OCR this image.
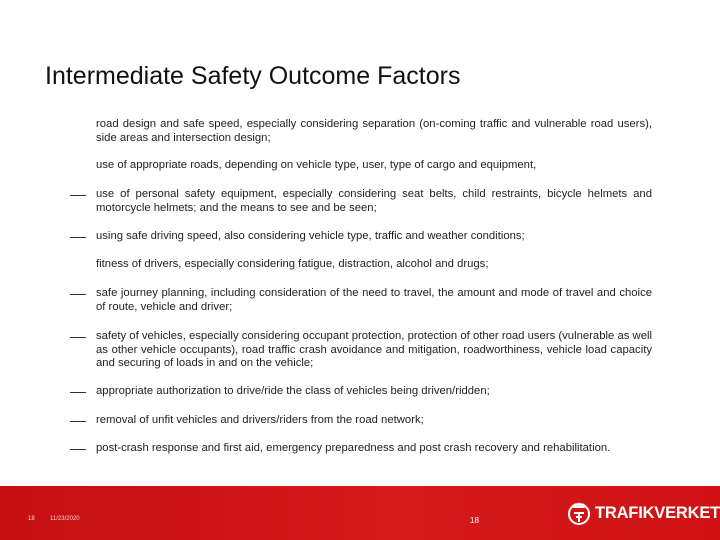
Intermediate Safety Outcome Factors
road design and safe speed, especially considering separation (on-coming traffic and vulnerable road users), side areas and intersection design;
use of appropriate roads, depending on vehicle type, user, type of cargo and equipment,
use of personal safety equipment, especially considering seat belts, child restraints, bicycle helmets and motorcycle helmets; and the means to see and be seen;
using safe driving speed, also considering vehicle type, traffic and weather conditions;
fitness of drivers, especially considering fatigue, distraction, alcohol and drugs;
safe journey planning, including consideration of the need to travel, the amount and mode of travel and choice of route, vehicle and driver;
safety of vehicles, especially considering occupant protection, protection of other road users (vulnerable as well as other vehicle occupants), road traffic crash avoidance and mitigation, roadworthiness, vehicle load capacity and securing of loads in and on the vehicle;
appropriate authorization to drive/ride the class of vehicles being driven/ridden;
removal of unfit vehicles and drivers/riders from the road network;
post-crash response and first aid, emergency preparedness and post crash recovery and rehabilitation.
18	11/23/2020	18	TRAFIKVERKET
